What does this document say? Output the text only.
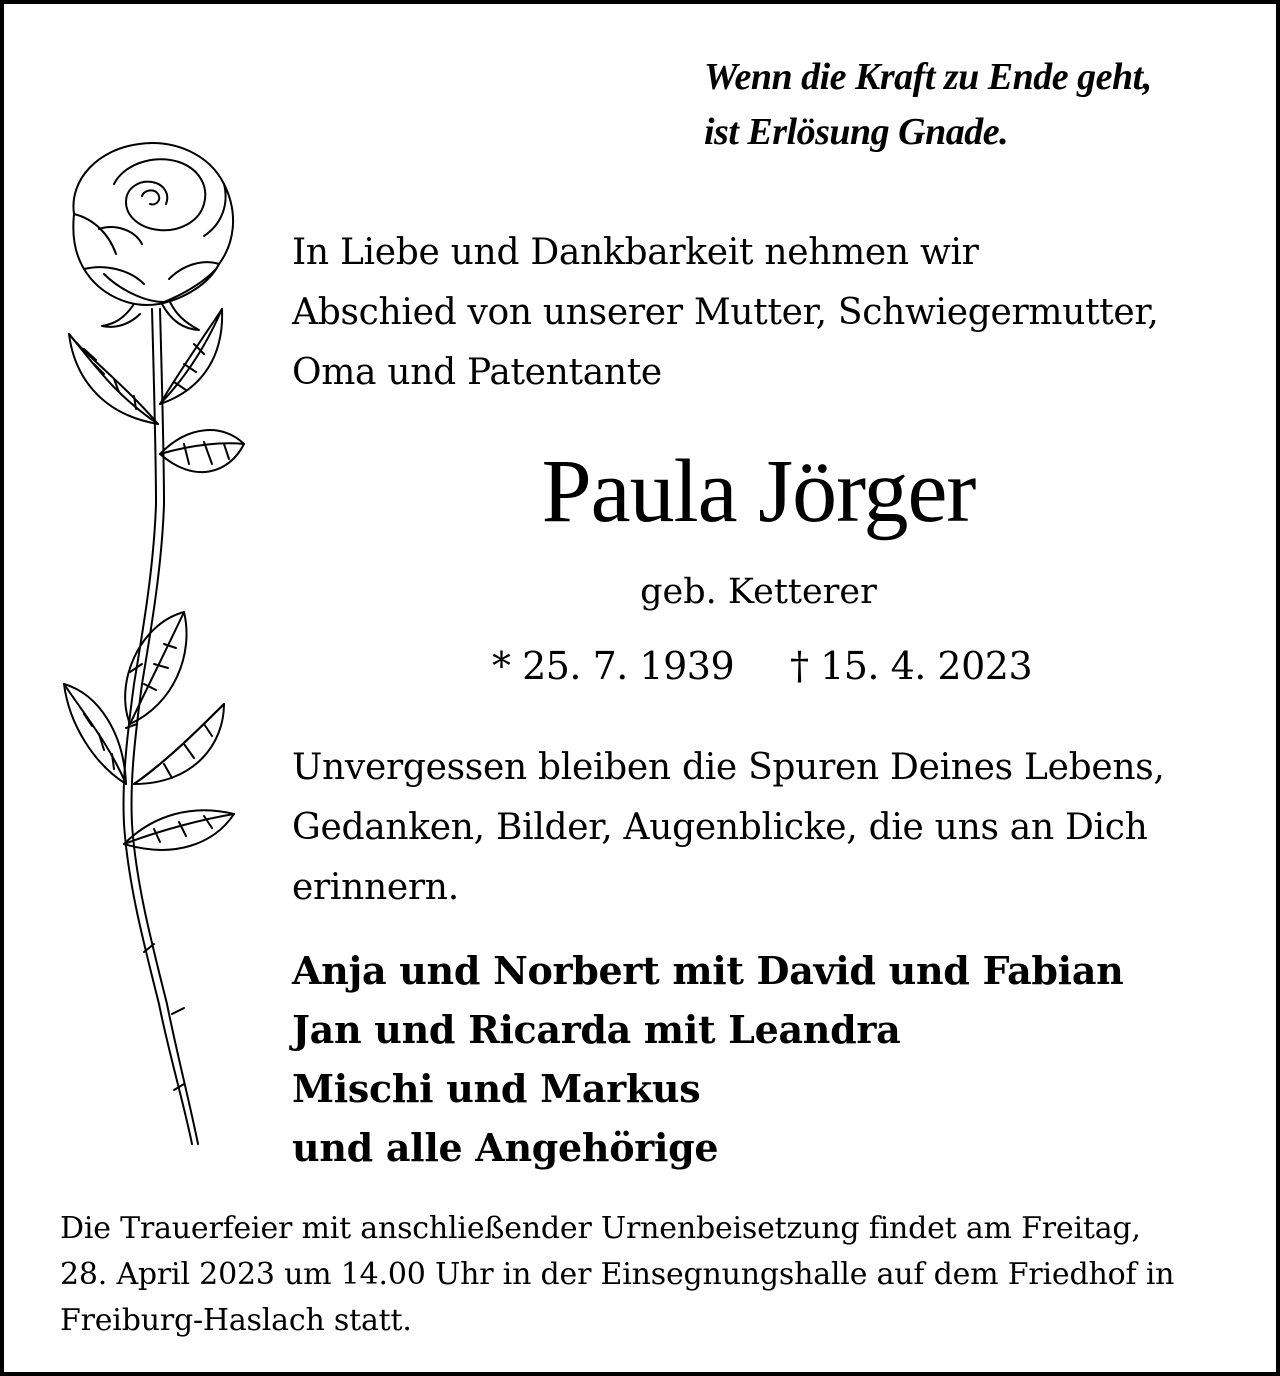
Wenn die Kraft zu Ende geht,
ist Erlösung Gnade.
In Liebe und Dankbarkeit nehmen wir
Abschied von unserer Mutter, Schwiegermutter,
Oma und Patentante
Paula Jörger
geb. Ketterer
* 25. 7. 1939 † 15. 4. 2023
Unvergessen bleiben die Spuren Deines Lebens,
Gedanken, Bilder, Augenblicke, die uns an Dich
erinnern.
Anja und Norbert mit David und Fabian
Jan und Ricarda mit Leandra
Mischi und Markus
und alle Angehörige
Die Trauerfeier mit anschließender Urnenbeisetzung findet am Freitag,
28. April 2023 um 14.00 Uhr in der Einsegnungshalle auf dem Friedhof in
Freiburg-Haslach statt.
